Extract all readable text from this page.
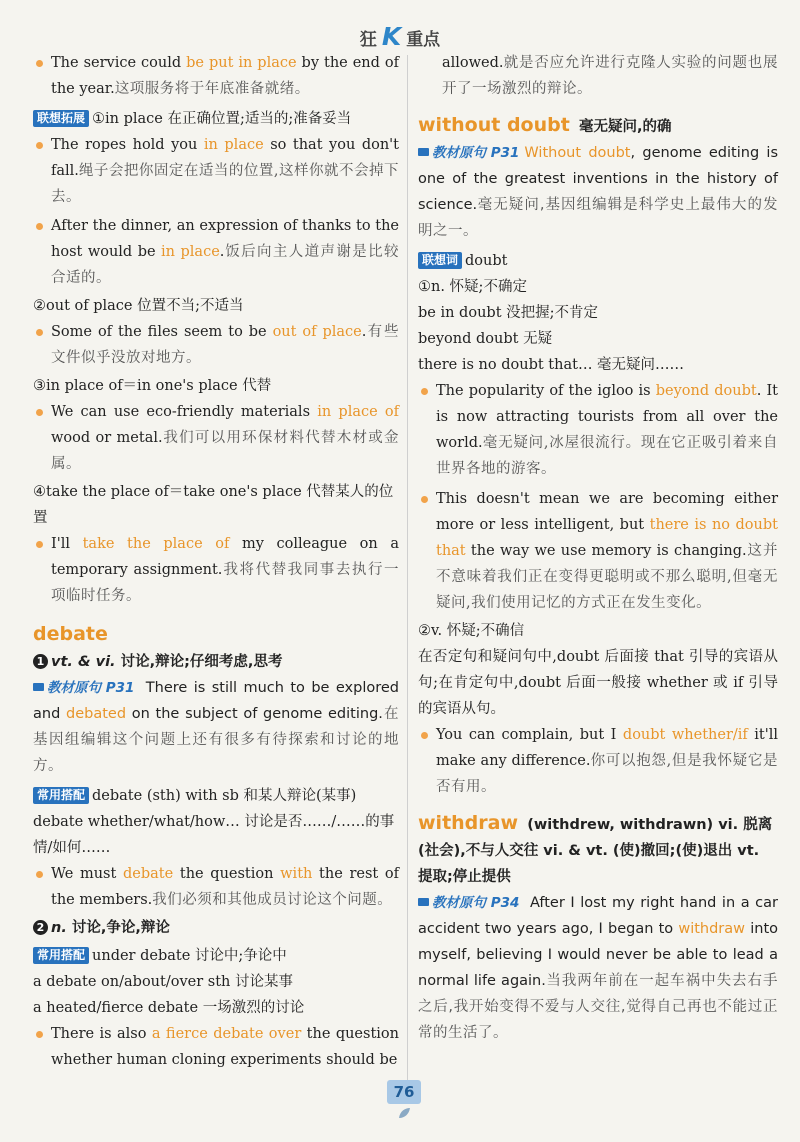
狂 K 重点

The service could be put in place by the end of the year.这项服务将于年底准备就绪。

联想拓展 ①in place 在正确位置;适当的;准备妥当

The ropes hold you in place so that you don't fall.绳子会把你固定在适当的位置,这样你就不会掉下去。

After the dinner, an expression of thanks to the host would be in place.饭后向主人道声谢是比较合适的。

②out of place 位置不当;不适当

Some of the files seem to be out of place.有些文件似乎没放对地方。

③in place of＝in one's place 代替

We can use eco-friendly materials in place of wood or metal.我们可以用环保材料代替木材或金属。

④take the place of＝take one's place 代替某人的位置

I'll take the place of my colleague on a temporary assignment.我将代替我同事去执行一项临时任务。

debate

1 vt. & vi. 讨论,辩论;仔细考虑,思考

教材原句 P31 There is still much to be explored and debated on the subject of genome editing.在基因组编辑这个问题上还有很多有待探索和讨论的地方。

常用搭配 debate (sth) with sb 和某人辩论(某事)

debate whether/what/how… 讨论是否……/……的事情/如何……

We must debate the question with the rest of the members.我们必须和其他成员讨论这个问题。

2 n. 讨论,争论,辩论

常用搭配 under debate 讨论中;争论中

a debate on/about/over sth 讨论某事

a heated/fierce debate 一场激烈的讨论

There is also a fierce debate over the question whether human cloning experiments should be

allowed.就是否应允许进行克隆人实验的问题也展开了一场激烈的辩论。

without doubt 毫无疑问,的确

教材原句 P31 Without doubt, genome editing is one of the greatest inventions in the history of science.毫无疑问,基因组编辑是科学史上最伟大的发明之一。

联想词 doubt

①n. 怀疑;不确定

be in doubt 没把握;不肯定

beyond doubt 无疑

there is no doubt that… 毫无疑问……

The popularity of the igloo is beyond doubt. It is now attracting tourists from all over the world.毫无疑问,冰屋很流行。现在它正吸引着来自世界各地的游客。

This doesn't mean we are becoming either more or less intelligent, but there is no doubt that the way we use memory is changing.这并不意味着我们正在变得更聪明或不那么聪明,但毫无疑问,我们使用记忆的方式正在发生变化。

②v. 怀疑;不确信

在否定句和疑问句中,doubt 后面接 that 引导的宾语从句;在肯定句中,doubt 后面一般接 whether 或 if 引导的宾语从句。

You can complain, but I doubt whether/if it'll make any difference.你可以抱怨,但是我怀疑它是否有用。

withdraw (withdrew, withdrawn) vi. 脱离(社会),不与人交往 vi. & vt. (使)撤回;(使)退出 vt. 提取;停止提供

教材原句 P34 After I lost my right hand in a car accident two years ago, I began to withdraw into myself, believing I would never be able to lead a normal life again.当我两年前在一起车祸中失去右手之后,我开始变得不爱与人交往,觉得自己再也不能过正常的生活了。

76
